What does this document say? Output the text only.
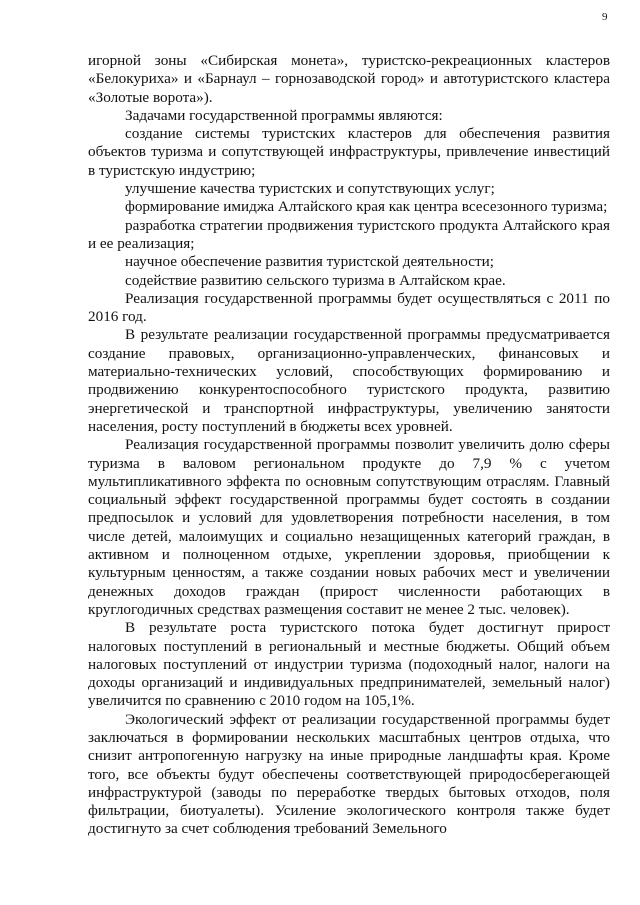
9

игорной зоны «Сибирская монета», туристско-рекреационных кластеров «Белокуриха» и «Барнаул – горнозаводской город» и автотуристского кластера «Золотые ворота»).

Задачами государственной программы являются:

создание системы туристских кластеров для обеспечения развития объектов туризма и сопутствующей инфраструктуры, привлечение инвестиций в туристскую индустрию;

улучшение качества туристских и сопутствующих услуг;

формирование имиджа Алтайского края как центра всесезонного туризма;

разработка стратегии продвижения туристского продукта Алтайского края и ее реализация;

научное обеспечение развития туристской деятельности;

содействие развитию сельского туризма в Алтайском крае.

Реализация государственной программы будет осуществляться с 2011 по 2016 год.

В результате реализации государственной программы предусматривается создание правовых, организационно-управленческих, финансовых и материально-технических условий, способствующих формированию и продвижению конкурентоспособного туристского продукта, развитию энергетической и транспортной инфраструктуры, увеличению занятости населения, росту поступлений в бюджеты всех уровней.

Реализация государственной программы позволит увеличить долю сферы туризма в валовом региональном продукте до 7,9 % с учетом мультипликативного эффекта по основным сопутствующим отраслям. Главный социальный эффект государственной программы будет состоять в создании предпосылок и условий для удовлетворения потребности населения, в том числе детей, малоимущих и социально незащищенных категорий граждан, в активном и полноценном отдыхе, укреплении здоровья, приобщении к культурным ценностям, а также создании новых рабочих мест и увеличении денежных доходов граждан (прирост численности работающих в круглогодичных средствах размещения составит не менее 2 тыс. человек).

В результате роста туристского потока будет достигнут прирост налоговых поступлений в региональный и местные бюджеты. Общий объем налоговых поступлений от индустрии туризма (подоходный налог, налоги на доходы организаций и индивидуальных предпринимателей, земельный налог) увеличится по сравнению с 2010 годом на 105,1%.

Экологический эффект от реализации государственной программы будет заключаться в формировании нескольких масштабных центров отдыха, что снизит антропогенную нагрузку на иные природные ландшафты края. Кроме того, все объекты будут обеспечены соответствующей природосберегающей инфраструктурой (заводы по переработке твердых бытовых отходов, поля фильтрации, биотуалеты). Усиление экологического контроля также будет достигнуто за счет соблюдения требований Земельного
